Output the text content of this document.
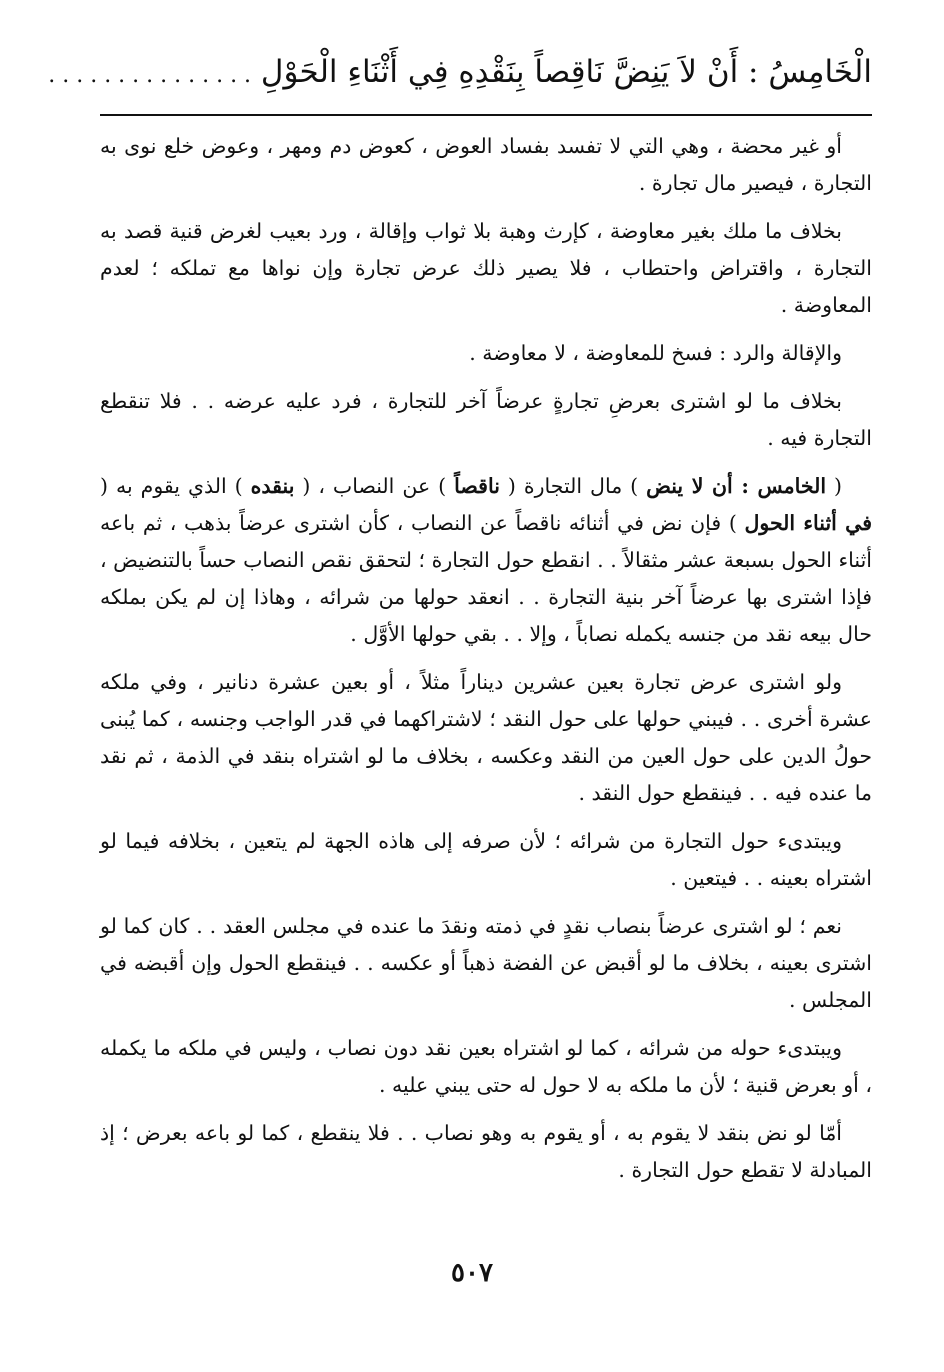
الْخَامِسُ : أَنْ لاَ يَنِضَّ نَاقِصاً بِنَقْدِهِ فِي أَثْنَاءِ الْحَوْلِ . . . . . . . . . . . . . . .

أو غير محضة ، وهي التي لا تفسد بفساد العوض ، كعوض دم ومهر ، وعوض خلع نوى به التجارة ، فيصير مال تجارة .

بخلاف ما ملك بغير معاوضة ، كإرث وهبة بلا ثواب وإقالة ، ورد بعيب لغرض قنية قصد به التجارة ، واقتراض واحتطاب ، فلا يصير ذلك عرض تجارة وإن نواها مع تملكه ؛ لعدم المعاوضة .

والإقالة والرد : فسخ للمعاوضة ، لا معاوضة .

بخلاف ما لو اشترى بعرضِ تجارةٍ عرضاً آخر للتجارة ، فرد عليه عرضه . . فلا تنقطع التجارة فيه .

( الخامس : أن لا ينض ) مال التجارة ( ناقصاً ) عن النصاب ، ( بنقده ) الذي يقوم به ( في أثناء الحول ) فإن نض في أثنائه ناقصاً عن النصاب ، كأن اشترى عرضاً بذهب ، ثم باعه أثناء الحول بسبعة عشر مثقالاً . . انقطع حول التجارة ؛ لتحقق نقص النصاب حساً بالتنضيض ، فإذا اشترى بها عرضاً آخر بنية التجارة . . انعقد حولها من شرائه ، وهاذا إن لم يكن بملكه حال بيعه نقد من جنسه يكمله نصاباً ، وإلا . . بقي حولها الأوَّل .

ولو اشترى عرض تجارة بعين عشرين ديناراً مثلاً ، أو بعين عشرة دنانير ، وفي ملكه عشرة أخرى . . فيبني حولها على حول النقد ؛ لاشتراكهما في قدر الواجب وجنسه ، كما يُبنى حولُ الدين على حول العين من النقد وعكسه ، بخلاف ما لو اشتراه بنقد في الذمة ، ثم نقد ما عنده فيه . . فينقطع حول النقد .

ويبتدىء حول التجارة من شرائه ؛ لأن صرفه إلى هاذه الجهة لم يتعين ، بخلافه فيما لو اشتراه بعينه . . فيتعين .

نعم ؛ لو اشترى عرضاً بنصاب نقدٍ في ذمته ونقدَ ما عنده في مجلس العقد . . كان كما لو اشترى بعينه ، بخلاف ما لو أقبض عن الفضة ذهباً أو عكسه . . فينقطع الحول وإن أقبضه في المجلس .

ويبتدىء حوله من شرائه ، كما لو اشتراه بعين نقد دون نصاب ، وليس في ملكه ما يكمله ، أو بعرض قنية ؛ لأن ما ملكه به لا حول له حتى يبني عليه .

أمّا لو نض بنقد لا يقوم به ، أو يقوم به وهو نصاب . . فلا ينقطع ، كما لو باعه بعرض ؛ إذ المبادلة لا تقطع حول التجارة .

٥٠٧
